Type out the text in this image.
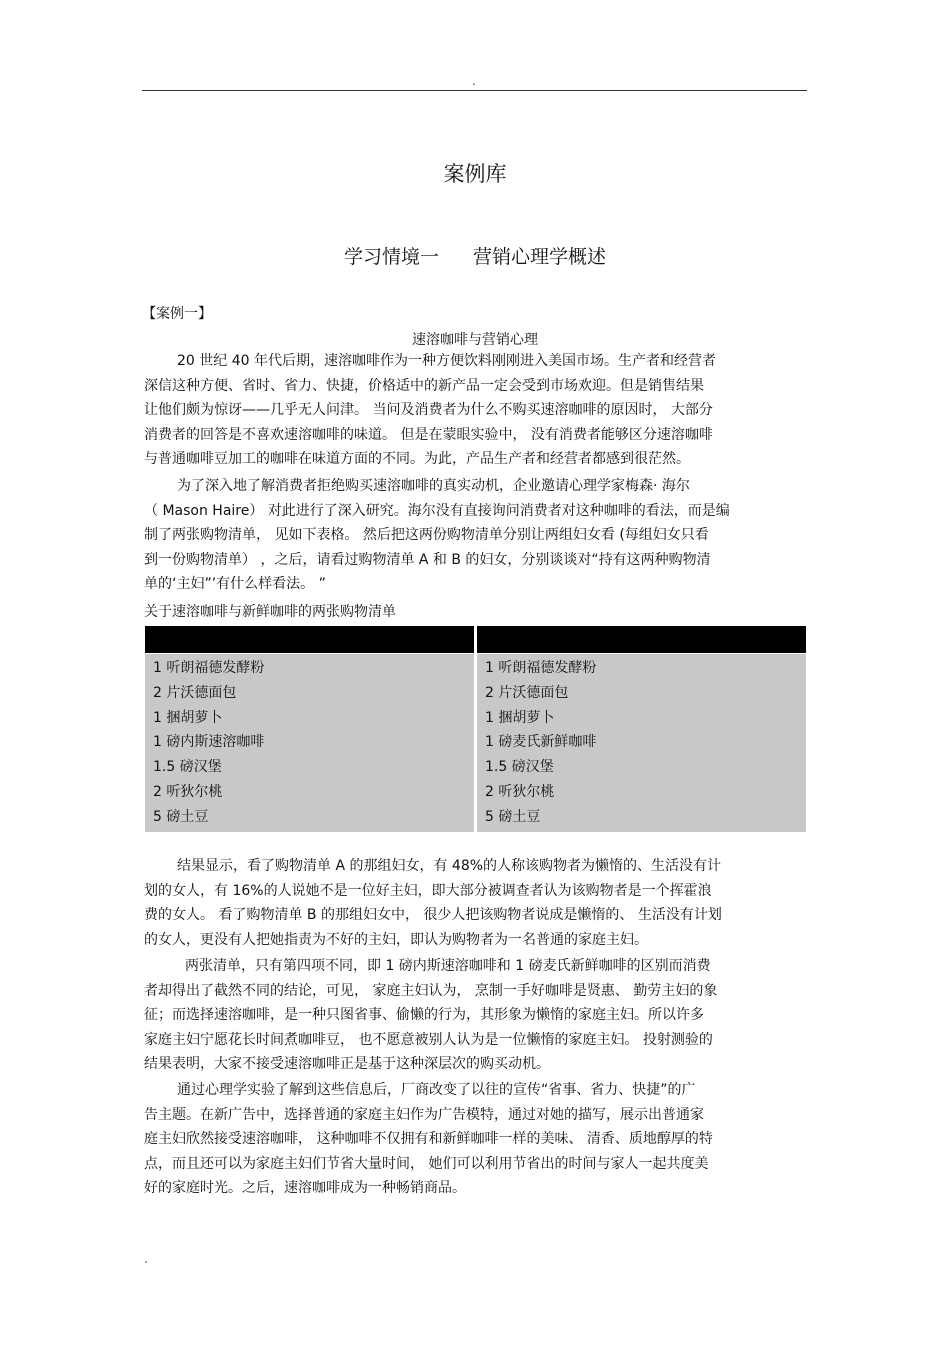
.
案例库
学习情境一 营销心理学概述
【案例一】
速溶咖啡与营销心理
20 世纪 40 年代后期，速溶咖啡作为一种方便饮料刚刚进入美国市场。生产者和经营者
深信这种方便、省时、省力、快捷，价格适中的新产品一定会受到市场欢迎。但是销售结果
让他们颇为惊讶——几乎无人问津。 当问及消费者为什么不购买速溶咖啡的原因时， 大部分
消费者的回答是不喜欢速溶咖啡的味道。 但是在蒙眼实验中， 没有消费者能够区分速溶咖啡
与普通咖啡豆加工的咖啡在味道方面的不同。为此，产品生产者和经营者都感到很茫然。
为了深入地了解消费者拒绝购买速溶咖啡的真实动机，企业邀请心理学家梅森· 海尔
（ Mason Haire） 对此进行了深入研究。海尔没有直接询问消费者对这种咖啡的看法，而是编
制了两张购物清单， 见如下表格。 然后把这两份购物清单分别让两组妇女看 (每组妇女只看
到一份购物清单） ，之后，请看过购物清单 A 和 B 的妇女，分别谈谈对“持有这两种购物清
单的‘主妇”’有什么样看法。 ”
关于速溶咖啡与新鲜咖啡的两张购物清单
1 听朗福德发酵粉
2 片沃德面包
1 捆胡萝卜
1 磅内斯速溶咖啡
1.5 磅汉堡
2 听狄尔桃
5 磅土豆
1 听朗福德发酵粉
2 片沃德面包
1 捆胡萝卜
1 磅麦氏新鲜咖啡
1.5 磅汉堡
2 听狄尔桃
5 磅土豆
结果显示，看了购物清单 A 的那组妇女，有 48%的人称该购物者为懒惰的、生活没有计
划的女人，有 16%的人说她不是一位好主妇，即大部分被调查者认为该购物者是一个挥霍浪
费的女人。 看了购物清单 B 的那组妇女中， 很少人把该购物者说成是懒惰的、 生活没有计划
的女人，更没有人把她指责为不好的主妇，即认为购物者为一名普通的家庭主妇。
两张清单，只有第四项不同，即 1 磅内斯速溶咖啡和 1 磅麦氏新鲜咖啡的区别而消费
者却得出了截然不同的结论，可见， 家庭主妇认为， 烹制一手好咖啡是贤惠、 勤劳主妇的象
征；而选择速溶咖啡，是一种只图省事、偷懒的行为，其形象为懒惰的家庭主妇。所以许多
家庭主妇宁愿花长时间煮咖啡豆， 也不愿意被别人认为是一位懒惰的家庭主妇。 投射测验的
结果表明，大家不接受速溶咖啡正是基于这种深层次的购买动机。
通过心理学实验了解到这些信息后，厂商改变了以往的宣传“省事、省力、快捷”的广
告主题。在新广告中，选择普通的家庭主妇作为广告模特，通过对她的描写，展示出普通家
庭主妇欣然接受速溶咖啡， 这种咖啡不仅拥有和新鲜咖啡一样的美味、 清香、质地醇厚的特
点，而且还可以为家庭主妇们节省大量时间， 她们可以利用节省出的时间与家人一起共度美
好的家庭时光。之后，速溶咖啡成为一种畅销商品。
.
